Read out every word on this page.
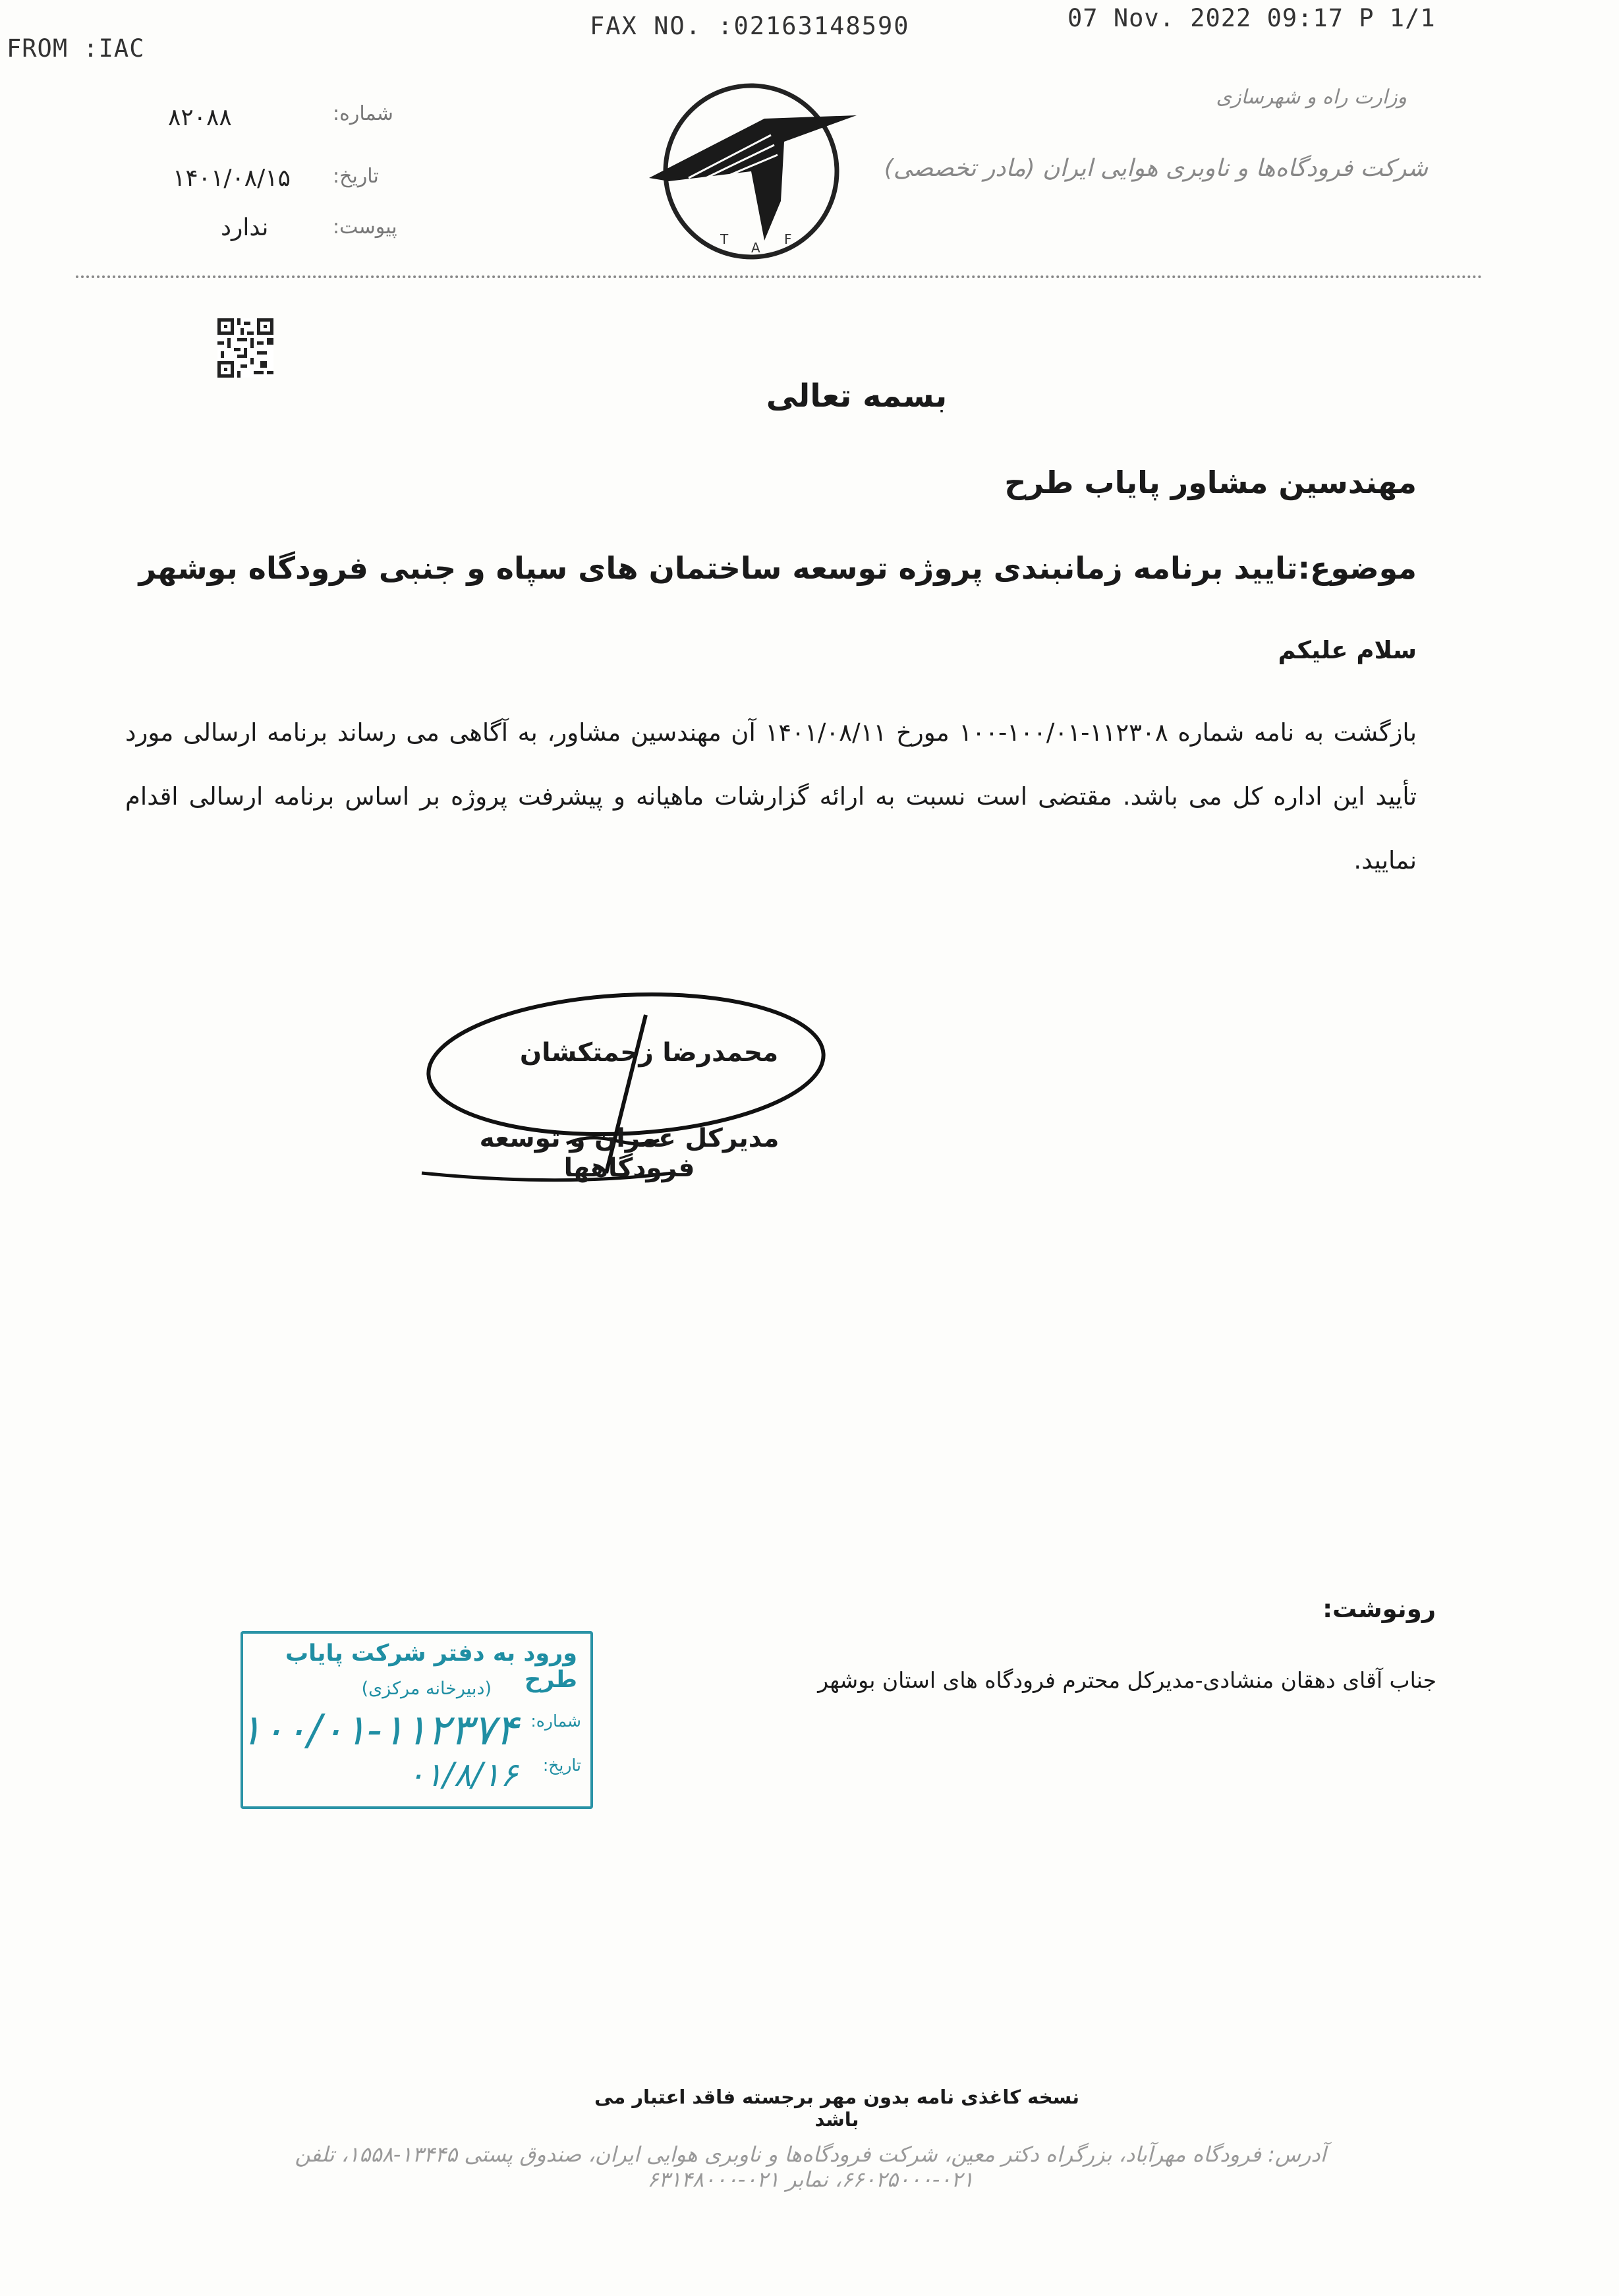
FROM :IAC
FAX NO. :02163148590	07 Nov. 2022 09:17 P 1/1
۸۲۰۸۸
۱۴۰۱/۰۸/۱۵
ندارد
شماره:
تاریخ:
پیوست:
وزارت راه و شهرسازی
شرکت فرودگاه‌ها و ناوبری هوایی ایران (مادر تخصصی)
T
A
F
بسمه تعالی
مهندسین مشاور پایاب طرح
موضوع:تایید برنامه زمانبندی پروژه توسعه ساختمان های سپاه و جنبی فرودگاه بوشهر
سلام علیکم
بازگشت به نامه شماره ۱۱۲۳۰۸-۱۰۰/۰۱-۱۰۰ مورخ ۱۴۰۱/۰۸/۱۱ آن مهندسین مشاور، به آگاهی می رساند برنامه ارسالی مورد تأیید این اداره کل می باشد. مقتضی است نسبت به ارائه گزارشات ماهیانه و پیشرفت پروژه بر اساس برنامه ارسالی اقدام نمایید.
محمدرضا زحمتکشان
مدیرکل عمران و توسعه فرودگاهها
رونوشت:
جناب آقای دهقان منشادی-مدیرکل محترم فرودگاه های استان بوشهر
ورود به دفتر شرکت پایاب طرح
(دبیرخانه مرکزی)
شماره:
تاریخ:
۱۰۰/۰۱-۱۱۲۳۷۴
۰۱/۸/۱۶
نسخه کاغذی نامه بدون مهر برجسته فاقد اعتبار می باشد
آدرس: فرودگاه مهرآباد، بزرگراه دکتر معین، شرکت فرودگاه‌ها و ناوبری هوایی ایران، صندوق پستی ۱۳۴۴۵-۱۵۵۸، تلفن ۰۲۱-۶۶۰۲۵۰۰۰، نمابر ۰۲۱-۶۳۱۴۸۰۰۰
